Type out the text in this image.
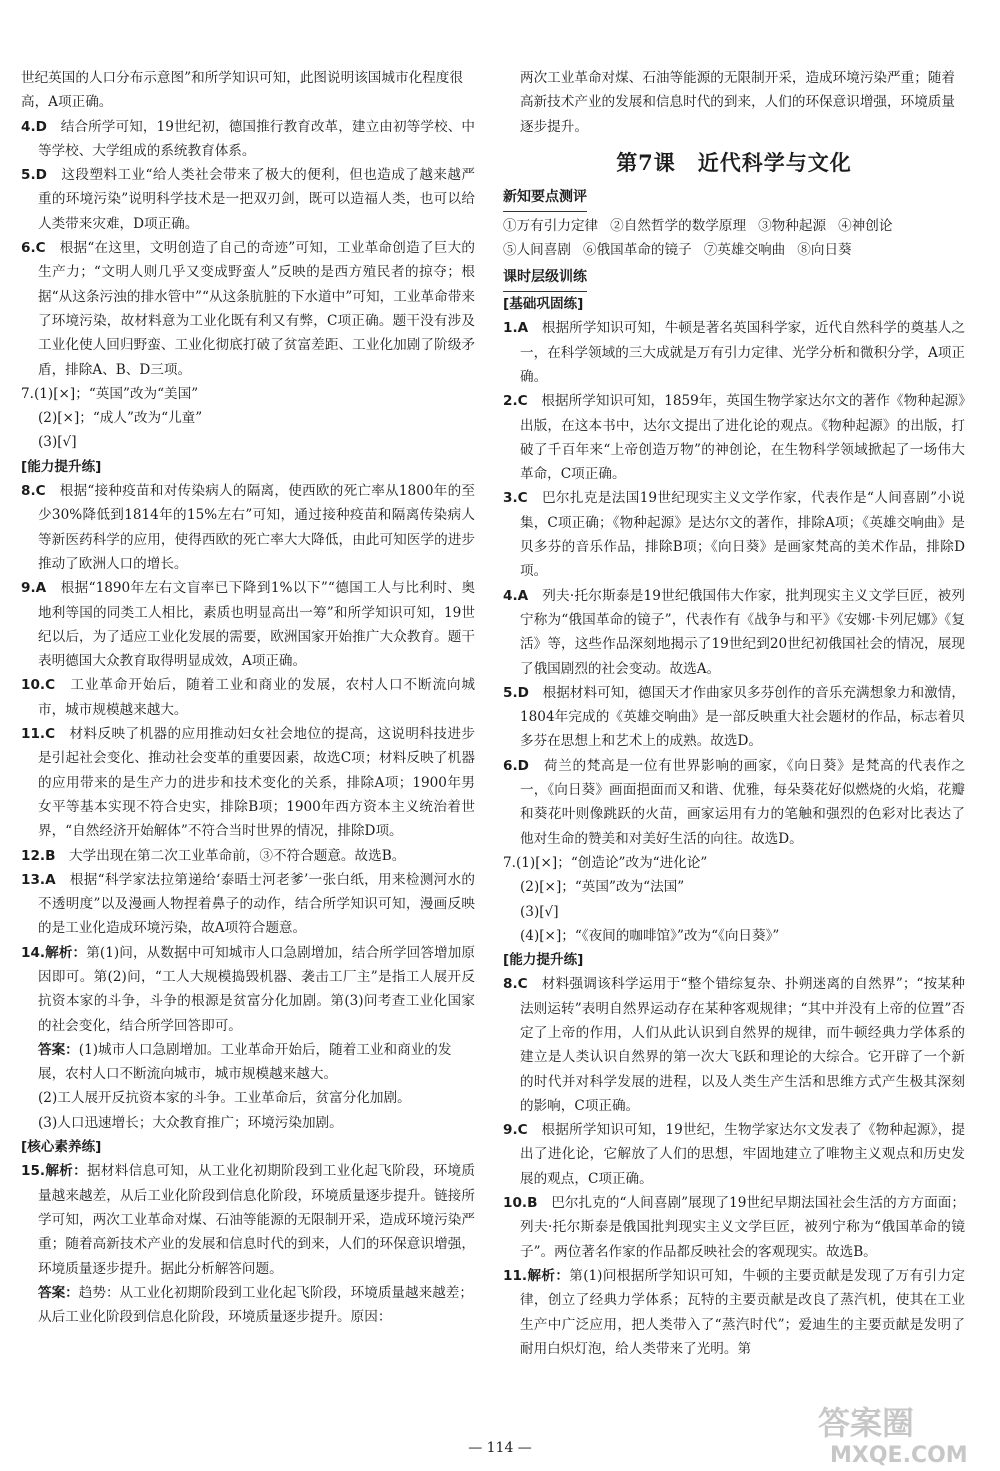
世纪英国的人口分布示意图”和所学知识可知，此图说明该国城市化程度很高，A项正确。

4.D　 结合所学可知，19世纪初，德国推行教育改革，建立由初等学校、中等学校、大学组成的系统教育体系。

5.D　 这段塑料工业“给人类社会带来了极大的便利，但也造成了越来越严重的环境污染”说明科学技术是一把双刃剑，既可以造福人类，也可以给人类带来灾难，D项正确。

6.C　 根据“在这里，文明创造了自己的奇迹”可知，工业革命创造了巨大的生产力；“文明人则几乎又变成野蛮人”反映的是西方殖民者的掠夺；根据“从这条污浊的排水管中”“从这条肮脏的下水道中”可知，工业革命带来了环境污染，故材料意为工业化既有利又有弊，C项正确。题干没有涉及工业化使人回归野蛮、工业化彻底打破了贫富差距、工业化加剧了阶级矛盾，排除A、B、D三项。

7.(1)[×]；“英国”改为“美国”

(2)[×]；“成人”改为“儿童”

(3)[√]

[能力提升练]

8.C　 根据“接种疫苗和对传染病人的隔离，使西欧的死亡率从1800年的至少30%降低到1814年的15%左右”可知，通过接种疫苗和隔离传染病人等新医药科学的应用，使得西欧的死亡率大大降低，由此可知医学的进步推动了欧洲人口的增长。

9.A　 根据“1890年左右文盲率已下降到1%以下”“德国工人与比利时、奥地利等国的同类工人相比，素质也明显高出一筹”和所学知识可知，19世纪以后，为了适应工业化发展的需要，欧洲国家开始推广大众教育。题干表明德国大众教育取得明显成效，A项正确。

10.C　 工业革命开始后，随着工业和商业的发展，农村人口不断流向城市，城市规模越来越大。

11.C　 材料反映了机器的应用推动妇女社会地位的提高，这说明科技进步是引起社会变化、推动社会变革的重要因素，故选C项；材料反映了机器的应用带来的是生产力的进步和技术变化的关系，排除A项；1900年男女平等基本实现不符合史实，排除B项；1900年西方资本主义统治着世界，“自然经济开始解体”不符合当时世界的情况，排除D项。

12.B　 大学出现在第二次工业革命前，③不符合题意。故选B。

13.A　 根据“科学家法拉第递给‘泰晤士河老爹’一张白纸，用来检测河水的不透明度”以及漫画人物捏着鼻子的动作，结合所学知识可知，漫画反映的是工业化造成环境污染，故A项符合题意。

14.解析：第(1)问，从数据中可知城市人口急剧增加，结合所学回答增加原因即可。第(2)问，“工人大规模捣毁机器、袭击工厂主”是指工人展开反抗资本家的斗争，斗争的根源是贫富分化加剧。第(3)问考查工业化国家的社会变化，结合所学回答即可。

答案：(1)城市人口急剧增加。工业革命开始后，随着工业和商业的发展，农村人口不断流向城市，城市规模越来越大。

(2)工人展开反抗资本家的斗争。工业革命后，贫富分化加剧。

(3)人口迅速增长；大众教育推广；环境污染加剧。

[核心素养练]

15.解析：据材料信息可知，从工业化初期阶段到工业化起飞阶段，环境质量越来越差，从后工业化阶段到信息化阶段，环境质量逐步提升。链接所学可知，两次工业革命对煤、石油等能源的无限制开采，造成环境污染严重；随着高新技术产业的发展和信息时代的到来，人们的环保意识增强，环境质量逐步提升。据此分析解答问题。

答案：趋势：从工业化初期阶段到工业化起飞阶段，环境质量越来越差；从后工业化阶段到信息化阶段，环境质量逐步提升。原因：

两次工业革命对煤、石油等能源的无限制开采，造成环境污染严重；随着高新技术产业的发展和信息时代的到来，人们的环保意识增强，环境质量逐步提升。

第7课　近代科学与文化

新知要点测评

①万有引力定律 ②自然哲学的数学原理 ③物种起源 ④神创论
⑤人间喜剧 ⑥俄国革命的镜子 ⑦英雄交响曲 ⑧向日葵

课时层级训练

[基础巩固练]

1.A　 根据所学知识可知，牛顿是著名英国科学家，近代自然科学的奠基人之一，在科学领域的三大成就是万有引力定律、光学分析和微积分学，A项正确。

2.C　 根据所学知识可知，1859年，英国生物学家达尔文的著作《物种起源》出版，在这本书中，达尔文提出了进化论的观点。《物种起源》的出版，打破了千百年来“上帝创造万物”的神创论，在生物科学领域掀起了一场伟大革命，C项正确。

3.C　 巴尔扎克是法国19世纪现实主义文学作家，代表作是“人间喜剧”小说集，C项正确；《物种起源》是达尔文的著作，排除A项；《英雄交响曲》是贝多芬的音乐作品，排除B项；《向日葵》是画家梵高的美术作品，排除D项。

4.A　 列夫·托尔斯泰是19世纪俄国伟大作家，批判现实主义文学巨匠，被列宁称为“俄国革命的镜子”，代表作有《战争与和平》《安娜·卡列尼娜》《复活》等，这些作品深刻地揭示了19世纪到20世纪初俄国社会的情况，展现了俄国剧烈的社会变动。故选A。

5.D　 根据材料可知，德国天才作曲家贝多芬创作的音乐充满想象力和激情，1804年完成的《英雄交响曲》是一部反映重大社会题材的作品，标志着贝多芬在思想上和艺术上的成熟。故选D。

6.D　 荷兰的梵高是一位有世界影响的画家，《向日葵》是梵高的代表作之一，《向日葵》画面挹面而又和谐、优雅，每朵葵花好似燃烧的火焰，花瓣和葵花叶则像跳跃的火苗，画家运用有力的笔触和强烈的色彩对比表达了他对生命的赞美和对美好生活的向往。故选D。

7.(1)[×]；“创造论”改为“进化论”

(2)[×]；“英国”改为“法国”

(3)[√]

(4)[×]；“《夜间的咖啡馆》”改为“《向日葵》”

[能力提升练]

8.C　 材料强调该科学运用于“整个错综复杂、扑朔迷离的自然界”；“按某种法则运转”表明自然界运动存在某种客观规律；“其中并没有上帝的位置”否定了上帝的作用，人们从此认识到自然界的规律，而牛顿经典力学体系的建立是人类认识自然界的第一次大飞跃和理论的大综合。它开辟了一个新的时代并对科学发展的进程，以及人类生产生活和思维方式产生极其深刻的影响，C项正确。

9.C　 根据所学知识可知，19世纪，生物学家达尔文发表了《物种起源》，提出了进化论，它解放了人们的思想，牢固地建立了唯物主义观点和历史发展的观点，C项正确。

10.B　 巴尔扎克的“人间喜剧”展现了19世纪早期法国社会生活的方方面面；列夫·托尔斯泰是俄国批判现实主义文学巨匠，被列宁称为“俄国革命的镜子”。两位著名作家的作品都反映社会的客观现实。故选B。

11.解析：第(1)问根据所学知识可知，牛顿的主要贡献是发现了万有引力定律，创立了经典力学体系；瓦特的主要贡献是改良了蒸汽机，使其在工业生产中广泛应用，把人类带入了“蒸汽时代”；爱迪生的主要贡献是发明了耐用白炽灯泡，给人类带来了光明。第

— 114 —
答案圈
MXQE.COM
